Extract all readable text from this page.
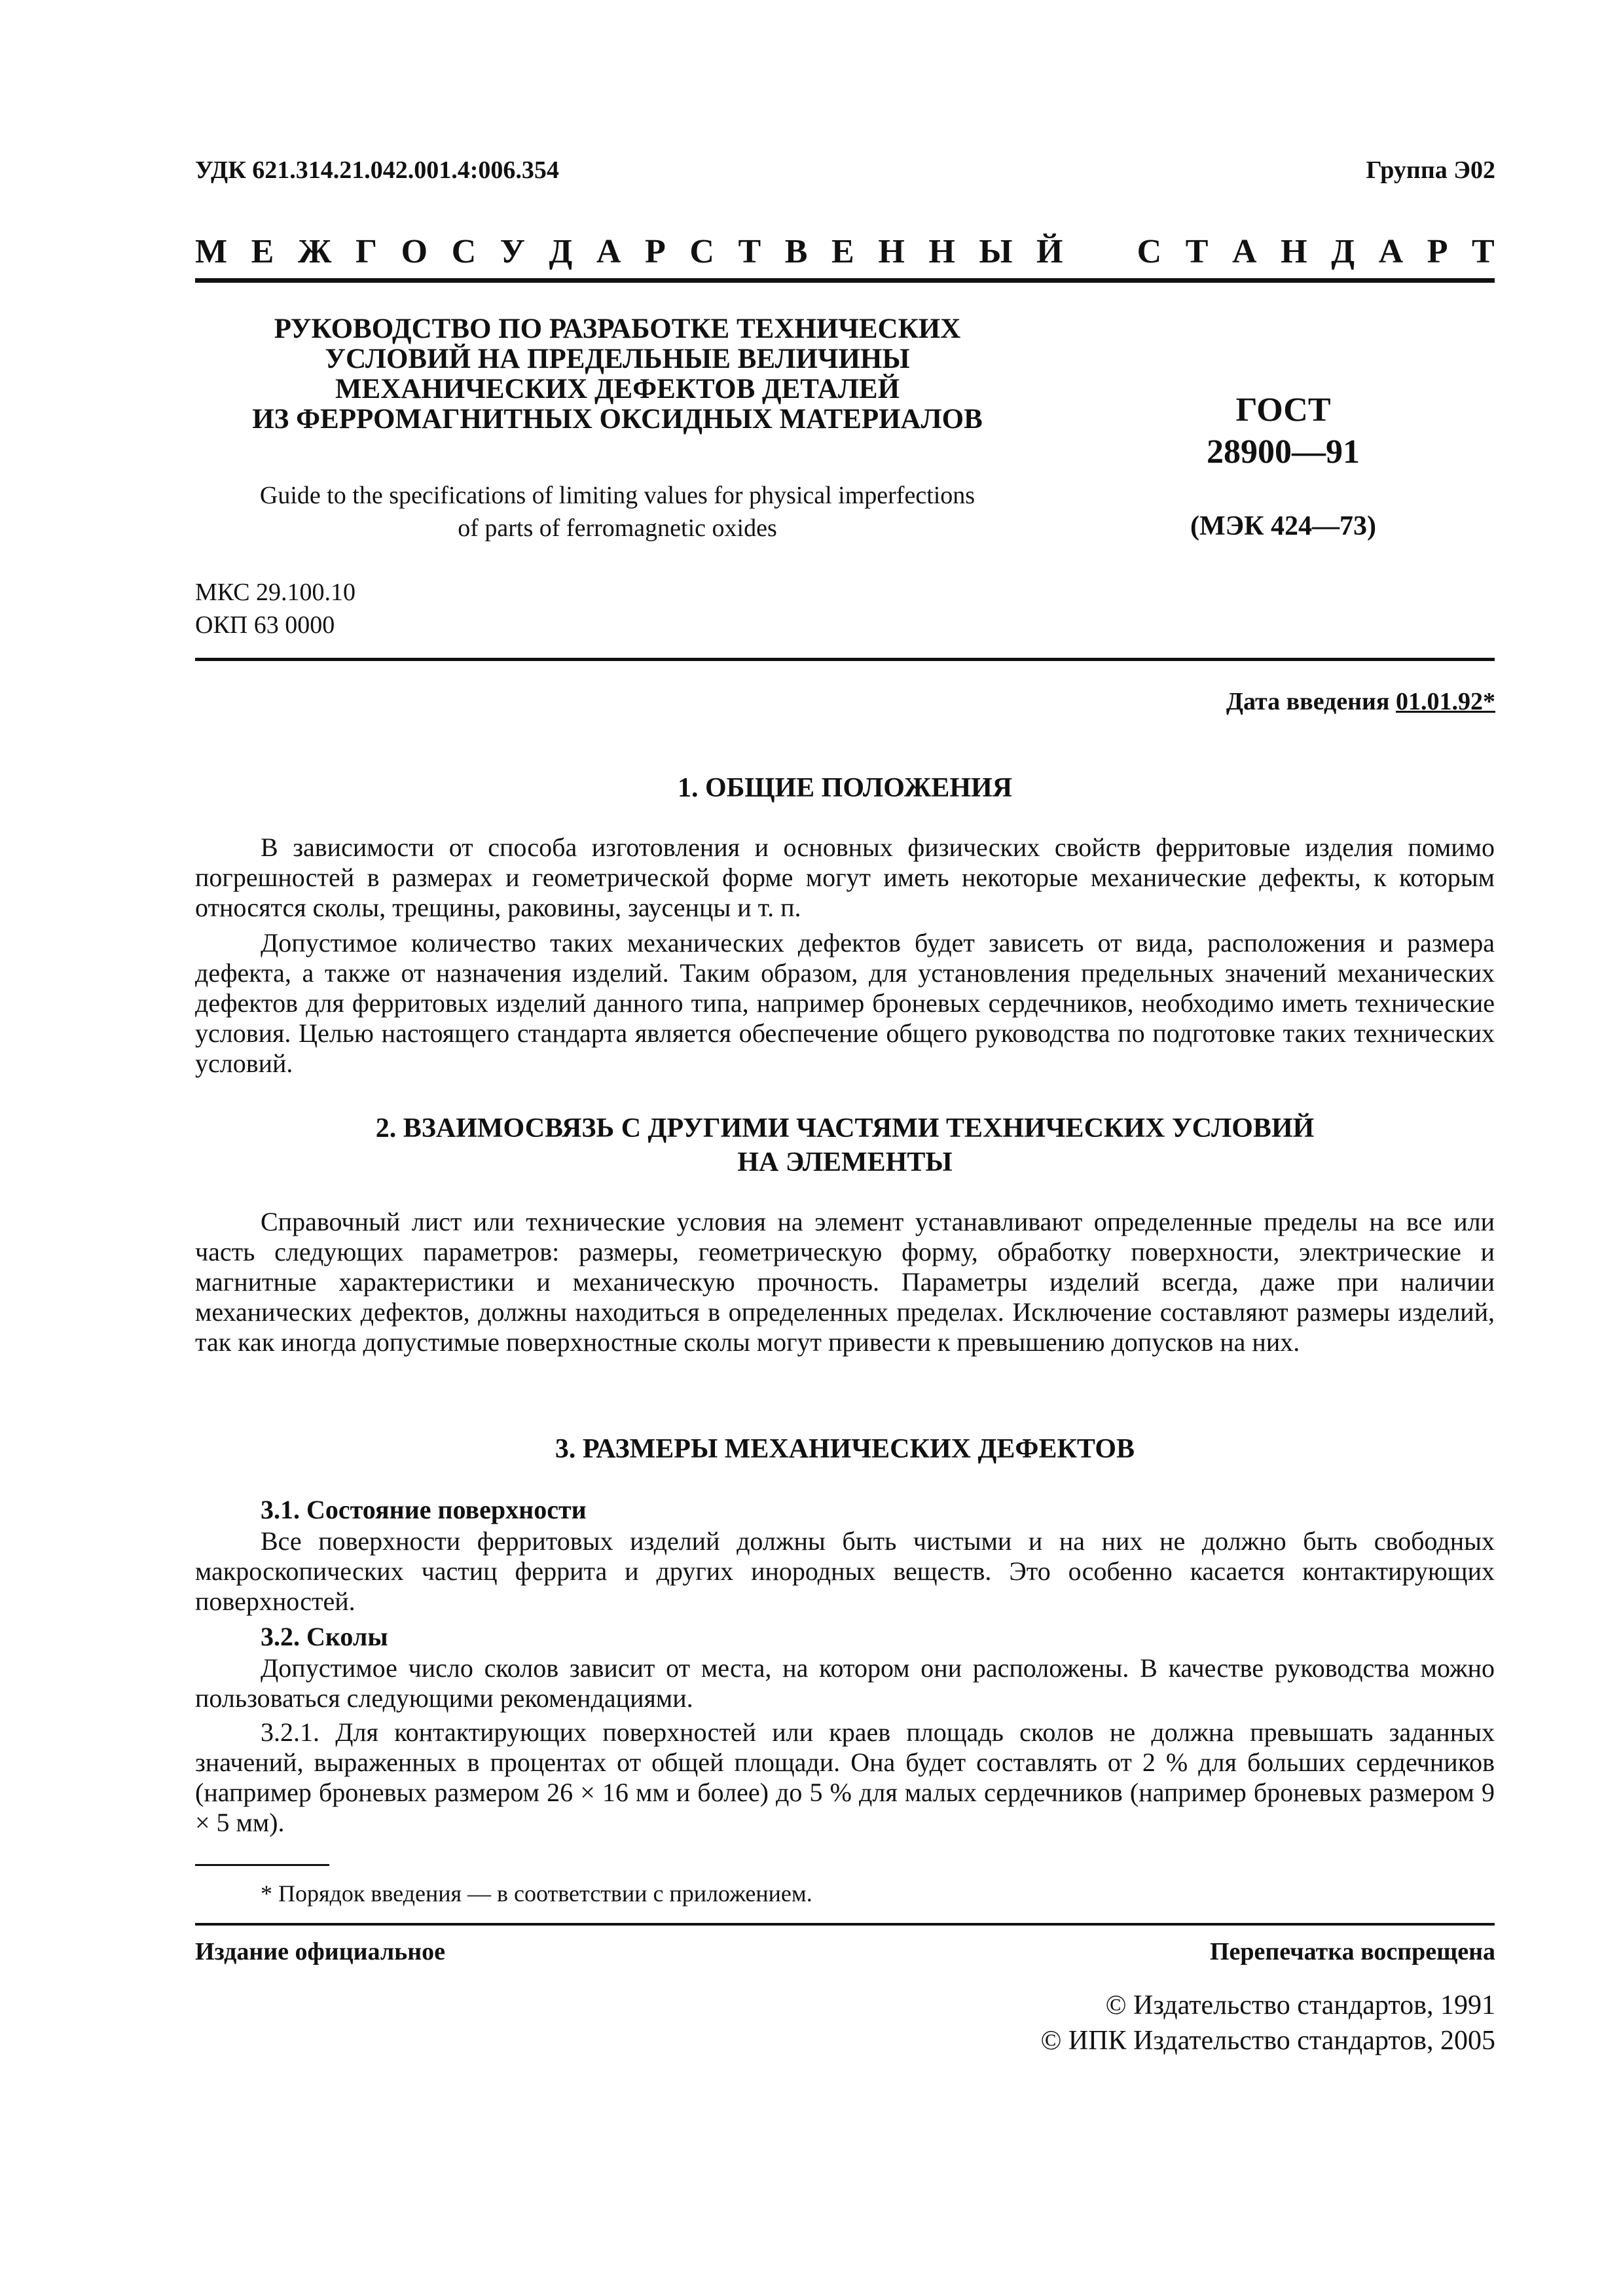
УДК 621.314.21.042.001.4:006.354	Группа Э02
М Е Ж Г О С У Д А Р С Т В Е Н Н Ы Й С Т А Н Д А Р Т
РУКОВОДСТВО ПО РАЗРАБОТКЕ ТЕХНИЧЕСКИХ
УСЛОВИЙ НА ПРЕДЕЛЬНЫЕ ВЕЛИЧИНЫ
МЕХАНИЧЕСКИХ ДЕФЕКТОВ ДЕТАЛЕЙ
ИЗ ФЕРРОМАГНИТНЫХ ОКСИДНЫХ МАТЕРИАЛОВ
Guide to the specifications of limiting values for physical imperfections
of parts of ferromagnetic oxides
ГОСТ
28900—91
(МЭК 424—73)
МКС 29.100.10
ОКП 63 0000
Дата введения 01.01.92*
1. ОБЩИЕ ПОЛОЖЕНИЯ
В зависимости от способа изготовления и основных физических свойств ферритовые изделия помимо погрешностей в размерах и геометрической форме могут иметь некоторые механические дефекты, к которым относятся сколы, трещины, раковины, заусенцы и т. п.
Допустимое количество таких механических дефектов будет зависеть от вида, расположения и размера дефекта, а также от назначения изделий. Таким образом, для установления предельных значений механических дефектов для ферритовых изделий данного типа, например броневых сердечников, необходимо иметь технические условия. Целью настоящего стандарта является обеспечение общего руководства по подготовке таких технических условий.
2. ВЗАИМОСВЯЗЬ С ДРУГИМИ ЧАСТЯМИ ТЕХНИЧЕСКИХ УСЛОВИЙ
НА ЭЛЕМЕНТЫ
Справочный лист или технические условия на элемент устанавливают определенные пределы на все или часть следующих параметров: размеры, геометрическую форму, обработку поверхности, электрические и магнитные характеристики и механическую прочность. Параметры изделий всегда, даже при наличии механических дефектов, должны находиться в определенных пределах. Исключение составляют размеры изделий, так как иногда допустимые поверхностные сколы могут привести к превышению допусков на них.
3. РАЗМЕРЫ МЕХАНИЧЕСКИХ ДЕФЕКТОВ
3.1. Состояние поверхности
Все поверхности ферритовых изделий должны быть чистыми и на них не должно быть свободных макроскопических частиц феррита и других инородных веществ. Это особенно касается контактирующих поверхностей.
3.2. Сколы
Допустимое число сколов зависит от места, на котором они расположены. В качестве руководства можно пользоваться следующими рекомендациями.
3.2.1. Для контактирующих поверхностей или краев площадь сколов не должна превышать заданных значений, выраженных в процентах от общей площади. Она будет составлять от 2 % для больших сердечников (например броневых размером 26 × 16 мм и более) до 5 % для малых сердечников (например броневых размером 9 × 5 мм).
* Порядок введения — в соответствии с приложением.
Издание официальное	Перепечатка воспрещена
© Издательство стандартов, 1991
© ИПК Издательство стандартов, 2005
